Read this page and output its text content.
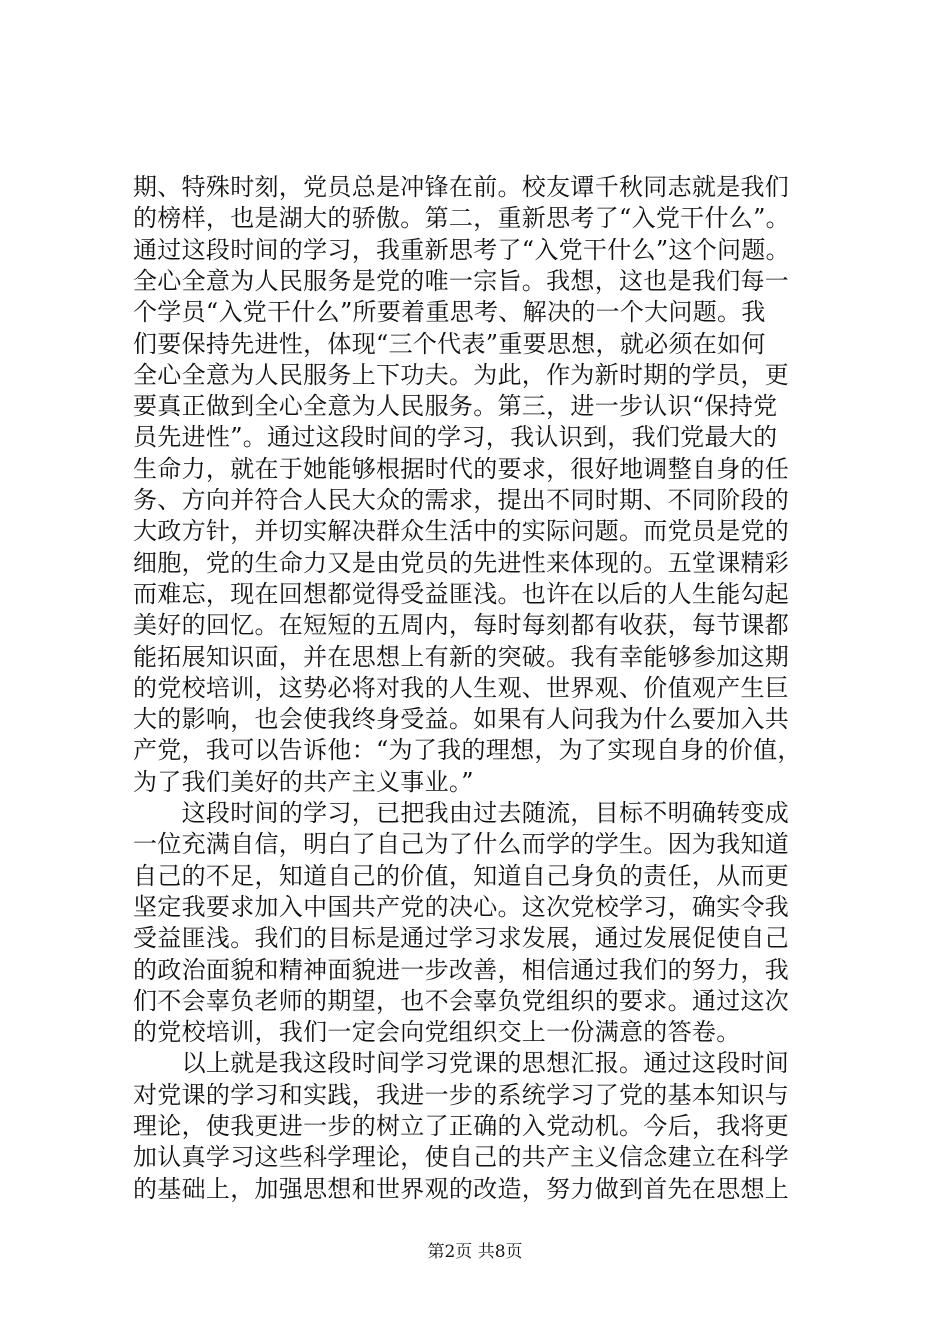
期、特殊时刻，党员总是冲锋在前。校友谭千秋同志就是我们
的榜样，也是湖大的骄傲。第二，重新思考了“入党干什么”。
通过这段时间的学习，我重新思考了“入党干什么”这个问题。
全心全意为人民服务是党的唯一宗旨。我想，这也是我们每一
个学员“入党干什么”所要着重思考、解决的一个大问题。我
们要保持先进性，体现“三个代表”重要思想，就必须在如何
全心全意为人民服务上下功夫。为此，作为新时期的学员，更
要真正做到全心全意为人民服务。第三，进一步认识“保持党
员先进性”。通过这段时间的学习，我认识到，我们党最大的
生命力，就在于她能够根据时代的要求，很好地调整自身的任
务、方向并符合人民大众的需求，提出不同时期、不同阶段的
大政方针，并切实解决群众生活中的实际问题。而党员是党的
细胞，党的生命力又是由党员的先进性来体现的。五堂课精彩
而难忘，现在回想都觉得受益匪浅。也许在以后的人生能勾起
美好的回忆。在短短的五周内，每时每刻都有收获，每节课都
能拓展知识面，并在思想上有新的突破。我有幸能够参加这期
的党校培训，这势必将对我的人生观、世界观、价值观产生巨
大的影响，也会使我终身受益。如果有人问我为什么要加入共
产党，我可以告诉他：“为了我的理想，为了实现自身的价值，
为了我们美好的共产主义事业。”
　　这段时间的学习，已把我由过去随流，目标不明确转变成
一位充满自信，明白了自己为了什么而学的学生。因为我知道
自己的不足，知道自己的价值，知道自己身负的责任，从而更
坚定我要求加入中国共产党的决心。这次党校学习，确实令我
受益匪浅。我们的目标是通过学习求发展，通过发展促使自己
的政治面貌和精神面貌进一步改善，相信通过我们的努力，我
们不会辜负老师的期望，也不会辜负党组织的要求。通过这次
的党校培训，我们一定会向党组织交上一份满意的答卷。
　　以上就是我这段时间学习党课的思想汇报。通过这段时间
对党课的学习和实践，我进一步的系统学习了党的基本知识与
理论，使我更进一步的树立了正确的入党动机。今后，我将更
加认真学习这些科学理论，使自己的共产主义信念建立在科学
的基础上，加强思想和世界观的改造，努力做到首先在思想上
第2页 共8页
